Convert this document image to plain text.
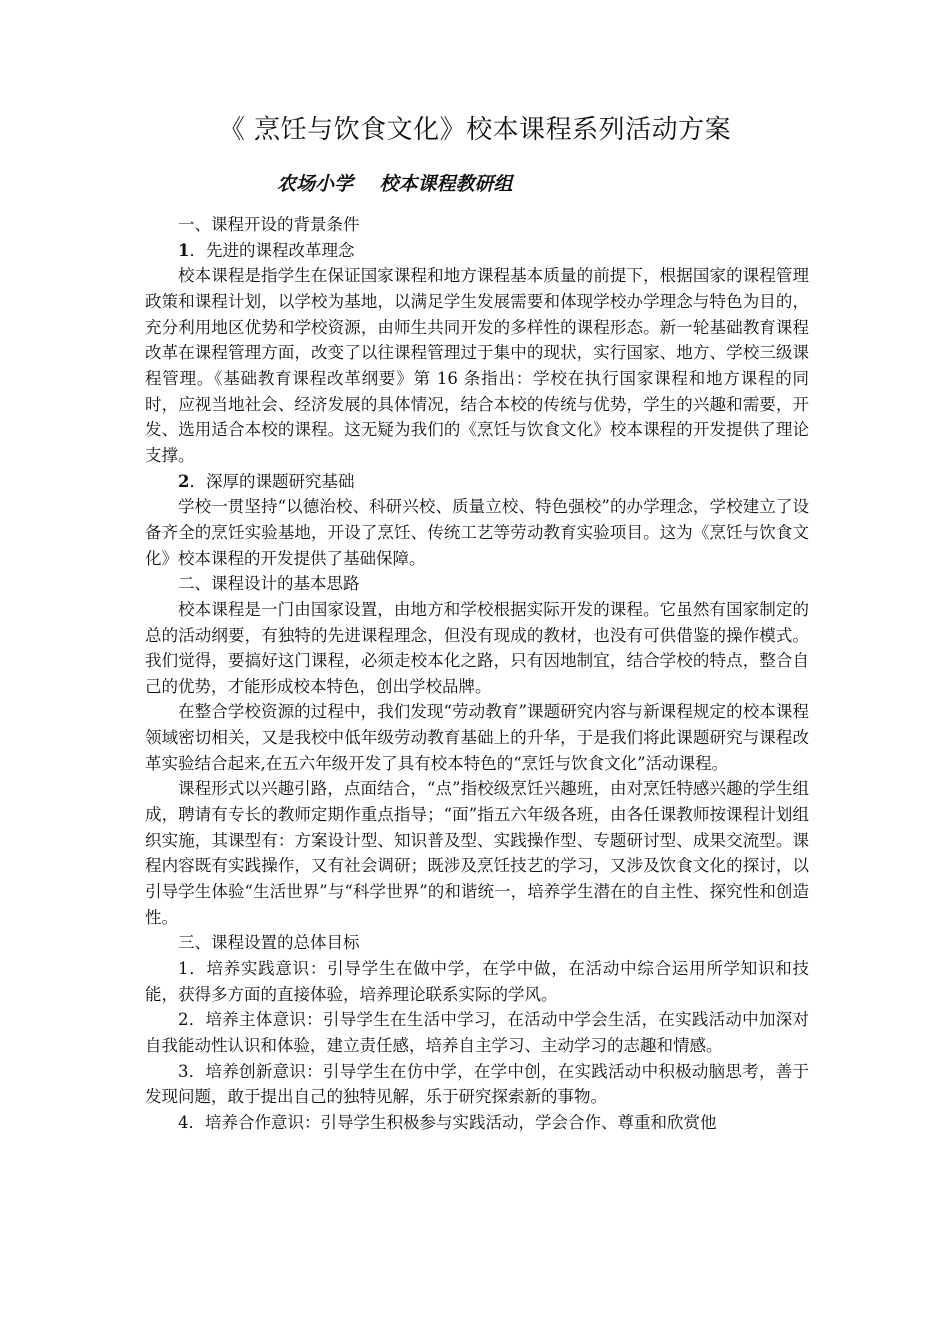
《 烹饪与饮食文化》校本课程系列活动方案
农场小学    校本课程教研组

一、课程开设的背景条件

1．先进的课程改革理念

校本课程是指学生在保证国家课程和地方课程基本质量的前提下，根据国家的课程管理政策和课程计划，以学校为基地，以满足学生发展需要和体现学校办学理念与特色为目的，充分利用地区优势和学校资源，由师生共同开发的多样性的课程形态。新一轮基础教育课程改革在课程管理方面，改变了以往课程管理过于集中的现状，实行国家、地方、学校三级课程管理。《基础教育课程改革纲要》第 16 条指出：学校在执行国家课程和地方课程的同时，应视当地社会、经济发展的具体情况，结合本校的传统与优势，学生的兴趣和需要，开发、选用适合本校的课程。这无疑为我们的《烹饪与饮食文化》校本课程的开发提供了理论支撑。

2．深厚的课题研究基础

学校一贯坚持“以德治校、科研兴校、质量立校、特色强校”的办学理念，学校建立了设备齐全的烹饪实验基地，开设了烹饪、传统工艺等劳动教育实验项目。这为《烹饪与饮食文化》校本课程的开发提供了基础保障。

二、课程设计的基本思路

校本课程是一门由国家设置，由地方和学校根据实际开发的课程。它虽然有国家制定的总的活动纲要，有独特的先进课程理念，但没有现成的教材，也没有可供借鉴的操作模式。我们觉得，要搞好这门课程，必须走校本化之路，只有因地制宜，结合学校的特点，整合自己的优势，才能形成校本特色，创出学校品牌。

在整合学校资源的过程中，我们发现“劳动教育”课题研究内容与新课程规定的校本课程领域密切相关，又是我校中低年级劳动教育基础上的升华，于是我们将此课题研究与课程改革实验结合起来,在五六年级开发了具有校本特色的“烹饪与饮食文化”活动课程。

课程形式以兴趣引路，点面结合，“点”指校级烹饪兴趣班，由对烹饪特感兴趣的学生组成，聘请有专长的教师定期作重点指导；“面”指五六年级各班，由各任课教师按课程计划组织实施，其课型有：方案设计型、知识普及型、实践操作型、专题研讨型、成果交流型。课程内容既有实践操作，又有社会调研；既涉及烹饪技艺的学习，又涉及饮食文化的探讨，以引导学生体验“生活世界”与“科学世界”的和谐统一，培养学生潜在的自主性、探究性和创造性。

三、课程设置的总体目标

1．培养实践意识：引导学生在做中学，在学中做，在活动中综合运用所学知识和技能，获得多方面的直接体验，培养理论联系实际的学风。

2．培养主体意识：引导学生在生活中学习，在活动中学会生活，在实践活动中加深对自我能动性认识和体验，建立责任感，培养自主学习、主动学习的志趣和情感。

3．培养创新意识：引导学生在仿中学，在学中创，在实践活动中积极动脑思考，善于发现问题，敢于提出自己的独特见解，乐于研究探索新的事物。

4．培养合作意识：引导学生积极参与实践活动，学会合作、尊重和欣赏他
